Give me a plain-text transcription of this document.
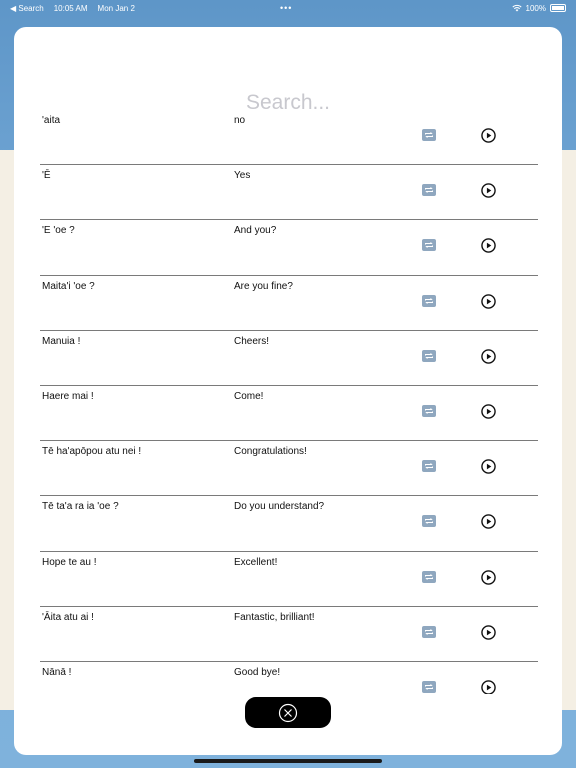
◀ Search 10:05 AM Mon Jan 2	•••	100%
Search...
'aita	no
'Ē	Yes
'E 'oe ?	And you?
Maita'i 'oe ?	Are you fine?
Manuia !	Cheers!
Haere mai !	Come!
Tē ha'apōpou atu nei !	Congratulations!
Tē ta'a ra ia 'oe ?	Do you understand?
Hope te au !	Excellent!
'Āita atu ai !	Fantastic, brilliant!
Nānā !	Good bye!
